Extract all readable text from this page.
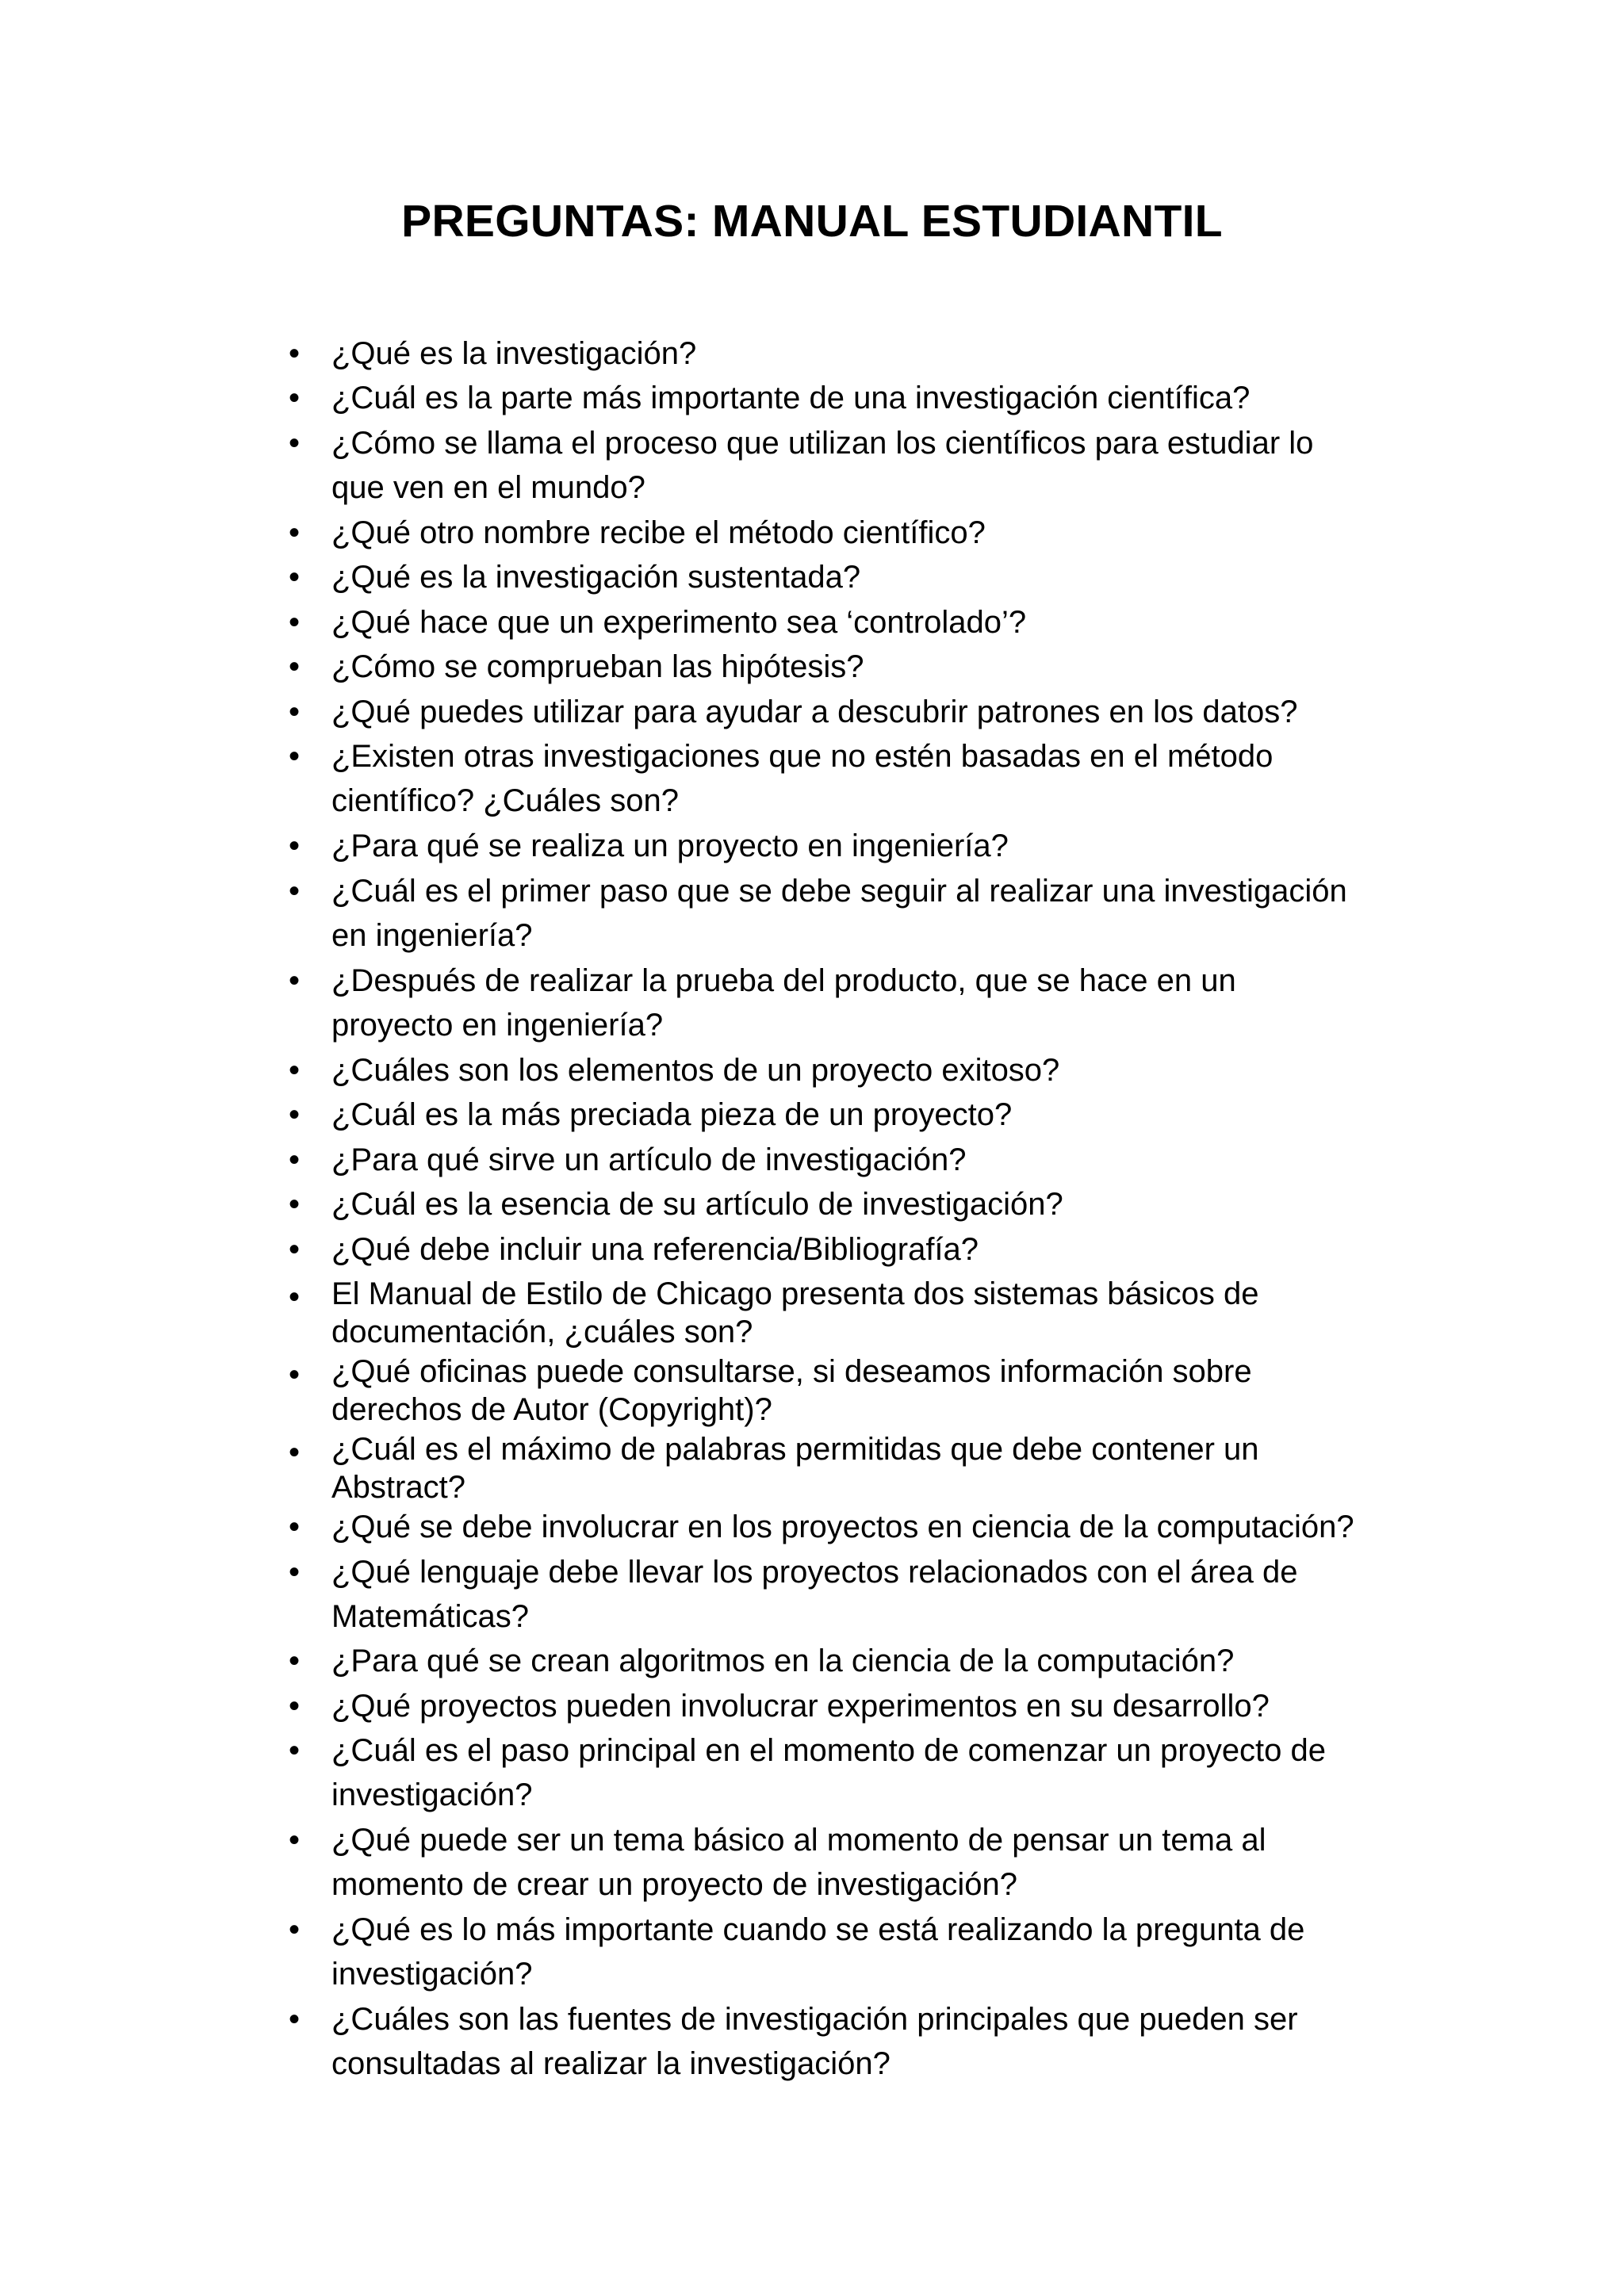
PREGUNTAS: MANUAL ESTUDIANTIL
• ¿Qué es la investigación?
• ¿Cuál es la parte más importante de una investigación científica?
• ¿Cómo se llama el proceso que utilizan los científicos para estudiar lo
que ven en el mundo?
• ¿Qué otro nombre recibe el método científico?
• ¿Qué es la investigación sustentada?
• ¿Qué hace que un experimento sea ‘controlado’?
• ¿Cómo se comprueban las hipótesis?
• ¿Qué puedes utilizar para ayudar a descubrir patrones en los datos?
• ¿Existen otras investigaciones que no estén basadas en el método
científico? ¿Cuáles son?
• ¿Para qué se realiza un proyecto en ingeniería?
• ¿Cuál es el primer paso que se debe seguir al realizar una investigación
en ingeniería?
• ¿Después de realizar la prueba del producto, que se hace en un
proyecto en ingeniería?
• ¿Cuáles son los elementos de un proyecto exitoso?
• ¿Cuál es la más preciada pieza de un proyecto?
• ¿Para qué sirve un artículo de investigación?
• ¿Cuál es la esencia de su artículo de investigación?
• ¿Qué debe incluir una referencia/Bibliografía?
• El Manual de Estilo de Chicago presenta dos sistemas básicos de
documentación, ¿cuáles son?
• ¿Qué oficinas puede consultarse, si deseamos información sobre
derechos de Autor (Copyright)?
• ¿Cuál es el máximo de palabras permitidas que debe contener un
Abstract?
• ¿Qué se debe involucrar en los proyectos en ciencia de la computación?
• ¿Qué lenguaje debe llevar los proyectos relacionados con el área de
Matemáticas?
• ¿Para qué se crean algoritmos en la ciencia de la computación?
• ¿Qué proyectos pueden involucrar experimentos en su desarrollo?
• ¿Cuál es el paso principal en el momento de comenzar un proyecto de
investigación?
• ¿Qué puede ser un tema básico al momento de pensar un tema al
momento de crear un proyecto de investigación?
• ¿Qué es lo más importante cuando se está realizando la pregunta de
investigación?
• ¿Cuáles son las fuentes de investigación principales que pueden ser
consultadas al realizar la investigación?
